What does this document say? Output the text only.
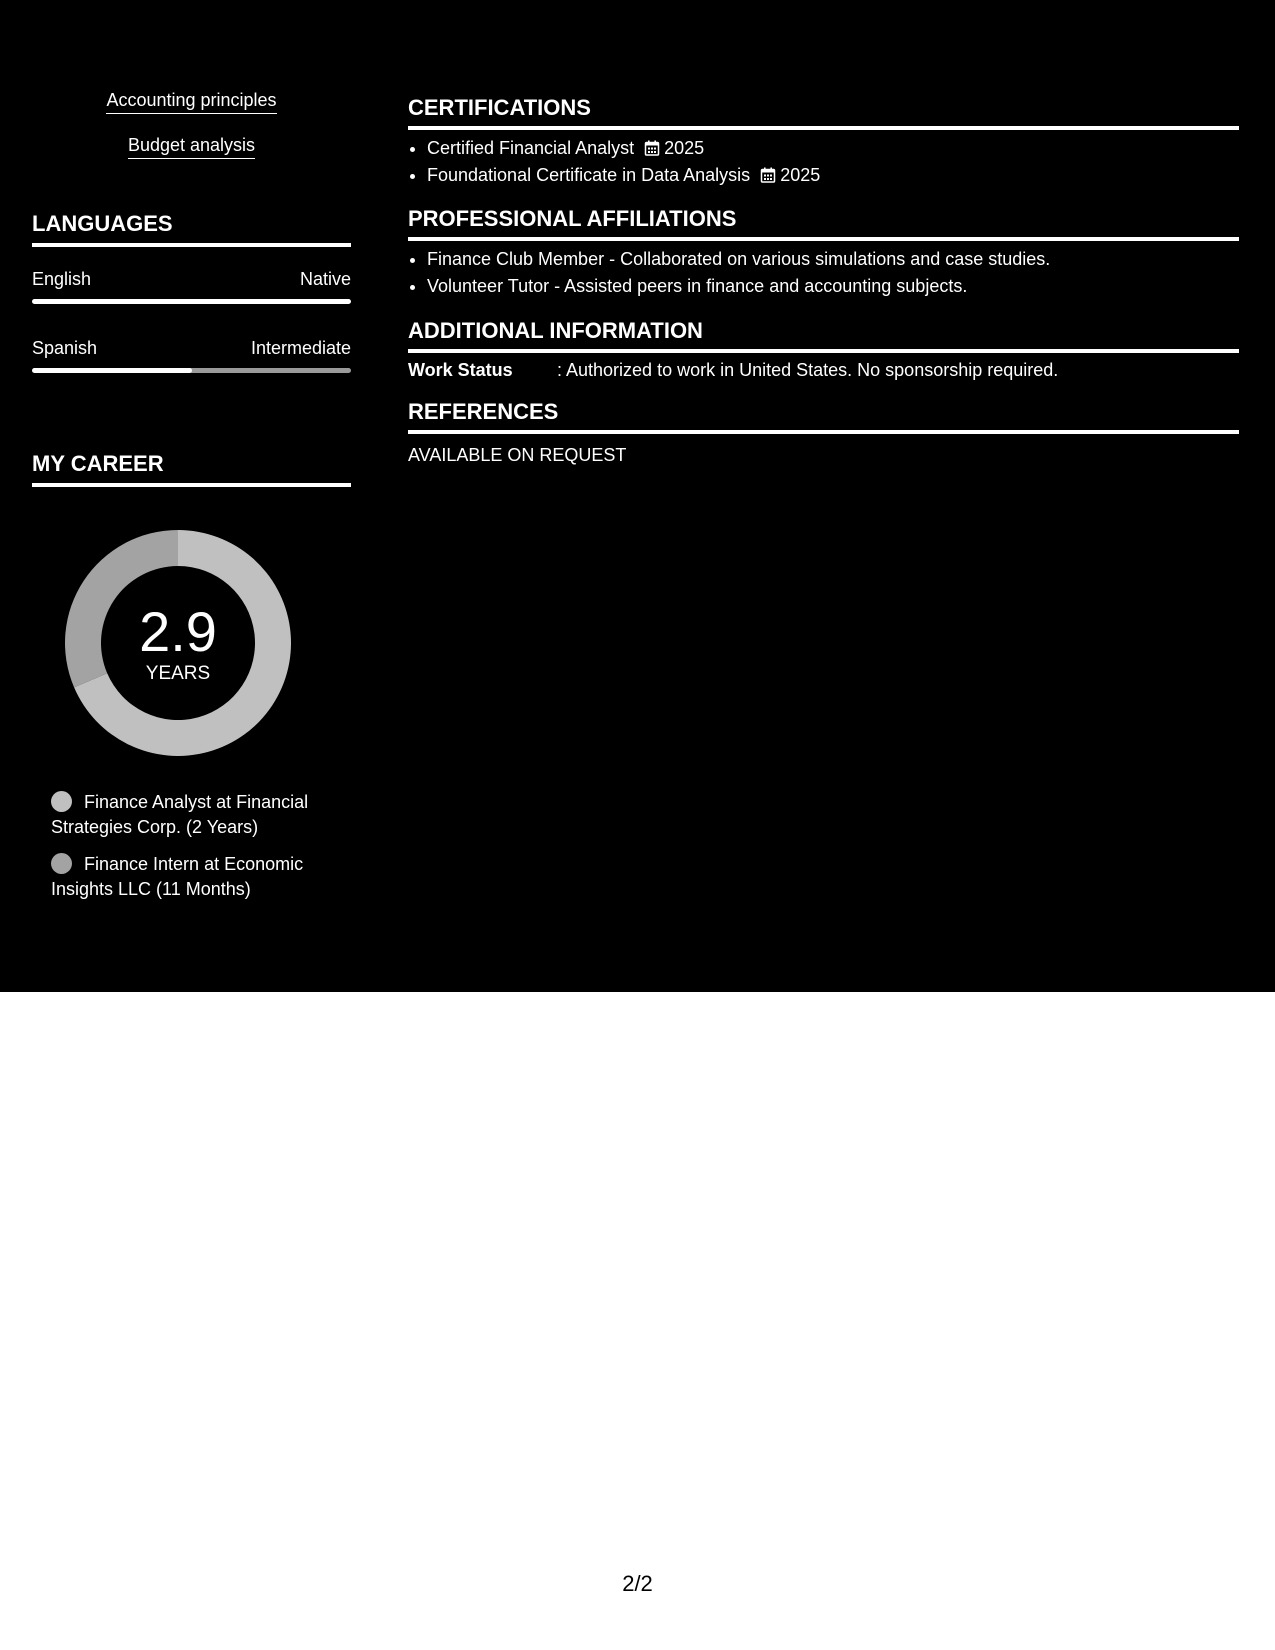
Accounting principles
Budget analysis
LANGUAGES
English	Native
Spanish	Intermediate
MY CAREER
2.9
YEARS
Finance Analyst at Financial Strategies Corp. (2 Years)
Finance Intern at Economic Insights LLC (11 Months)
CERTIFICATIONS
• Certified Financial Analyst 2025
• Foundational Certificate in Data Analysis 2025
PROFESSIONAL AFFILIATIONS
• Finance Club Member - Collaborated on various simulations and case studies.
• Volunteer Tutor - Assisted peers in finance and accounting subjects.
ADDITIONAL INFORMATION
Work Status : Authorized to work in United States. No sponsorship required.
REFERENCES
AVAILABLE ON REQUEST
2/2
